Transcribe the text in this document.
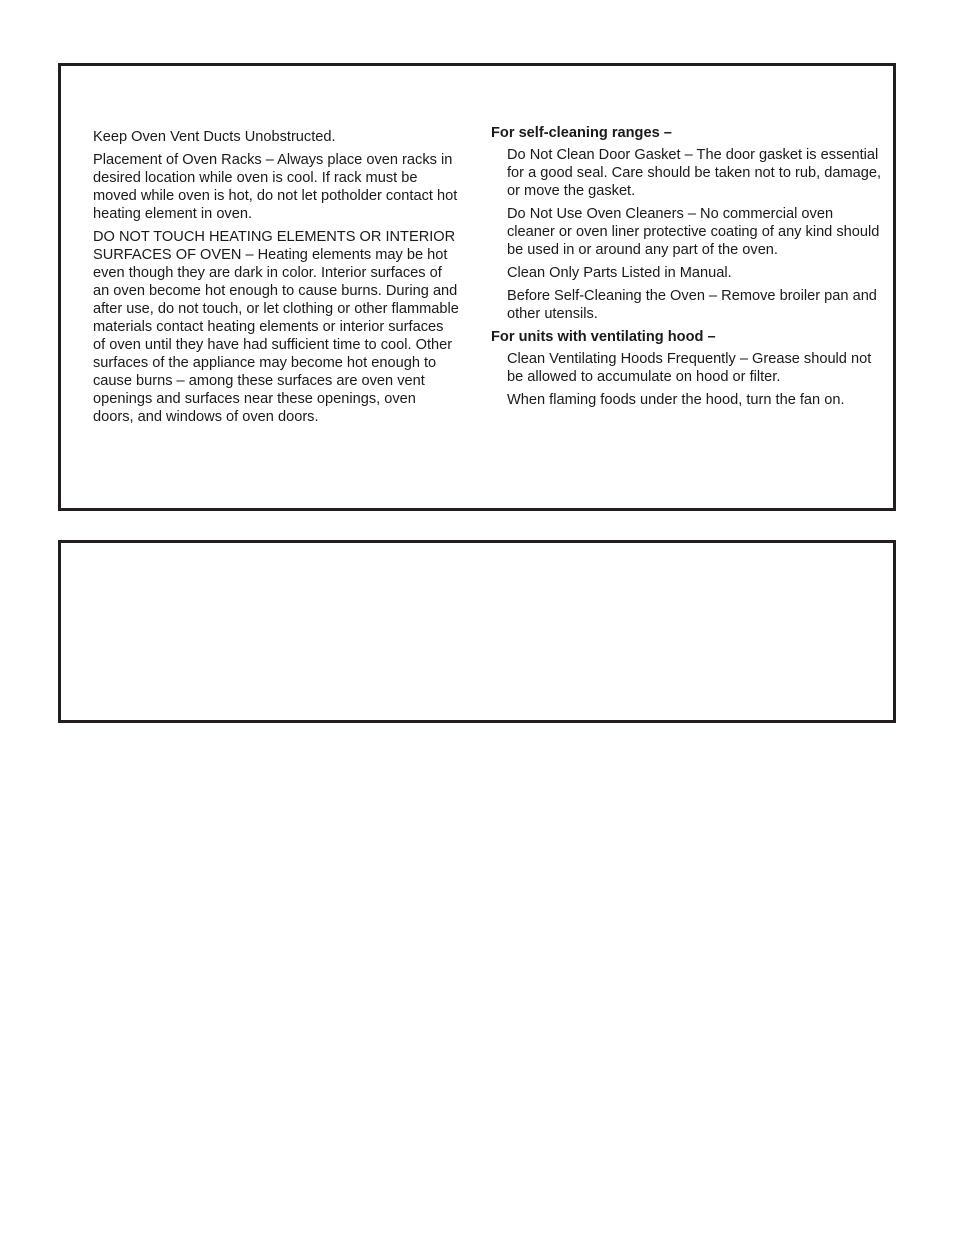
Keep Oven Vent Ducts Unobstructed.

Placement of Oven Racks – Always place oven racks in desired location while oven is cool. If rack must be moved while oven is hot, do not let potholder contact hot heating element in oven.

DO NOT TOUCH HEATING ELEMENTS OR INTERIOR SURFACES OF OVEN – Heating elements may be hot even though they are dark in color. Interior surfaces of an oven become hot enough to cause burns. During and after use, do not touch, or let clothing or other flammable materials contact heating elements or interior surfaces of oven until they have had sufficient time to cool. Other surfaces of the appliance may become hot enough to cause burns – among these surfaces are oven vent openings and surfaces near these openings, oven doors, and windows of oven doors.

For self-cleaning ranges –

Do Not Clean Door Gasket – The door gasket is essential for a good seal. Care should be taken not to rub, damage, or move the gasket.

Do Not Use Oven Cleaners – No commercial oven cleaner or oven liner protective coating of any kind should be used in or around any part of the oven.

Clean Only Parts Listed in Manual.

Before Self-Cleaning the Oven – Remove broiler pan and other utensils.

For units with ventilating hood –

Clean Ventilating Hoods Frequently – Grease should not be allowed to accumulate on hood or filter.

When flaming foods under the hood, turn the fan on.
